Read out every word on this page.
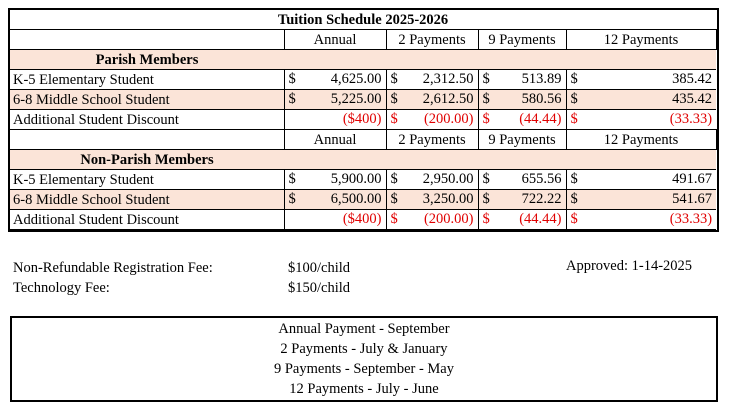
Tuition Schedule 2025-2026				
	Annual	2 Payments	9 Payments	12 Payments
Parish Members				
K-5 Elementary Student	$ 4,625.00	$ 2,312.50	$ 513.89	$ 385.42

6-8 Middle School Student	$ 5,225.00	$ 2,612.50	$ 580.56	$ 435.42

Additional Student Discount	($400)	$ (200.00)	$ (44.44)	$ (33.33)

	Annual	2 Payments	9 Payments	12 Payments
Non-Parish Members				
K-5 Elementary Student	$ 5,900.00	$ 2,950.00	$ 655.56	$ 491.67

6-8 Middle School Student	$ 6,500.00	$ 3,250.00	$ 722.22	$ 541.67

Additional Student Discount	($400)	$ (200.00)	$ (44.44)	$ (33.33)
Non-Refundable Registration Fee:	$100/child
Technology Fee:	$150/child
Approved: 1-14-2025
Annual Payment - September
2 Payments - July & January
9 Payments - September - May
12 Payments - July - June
